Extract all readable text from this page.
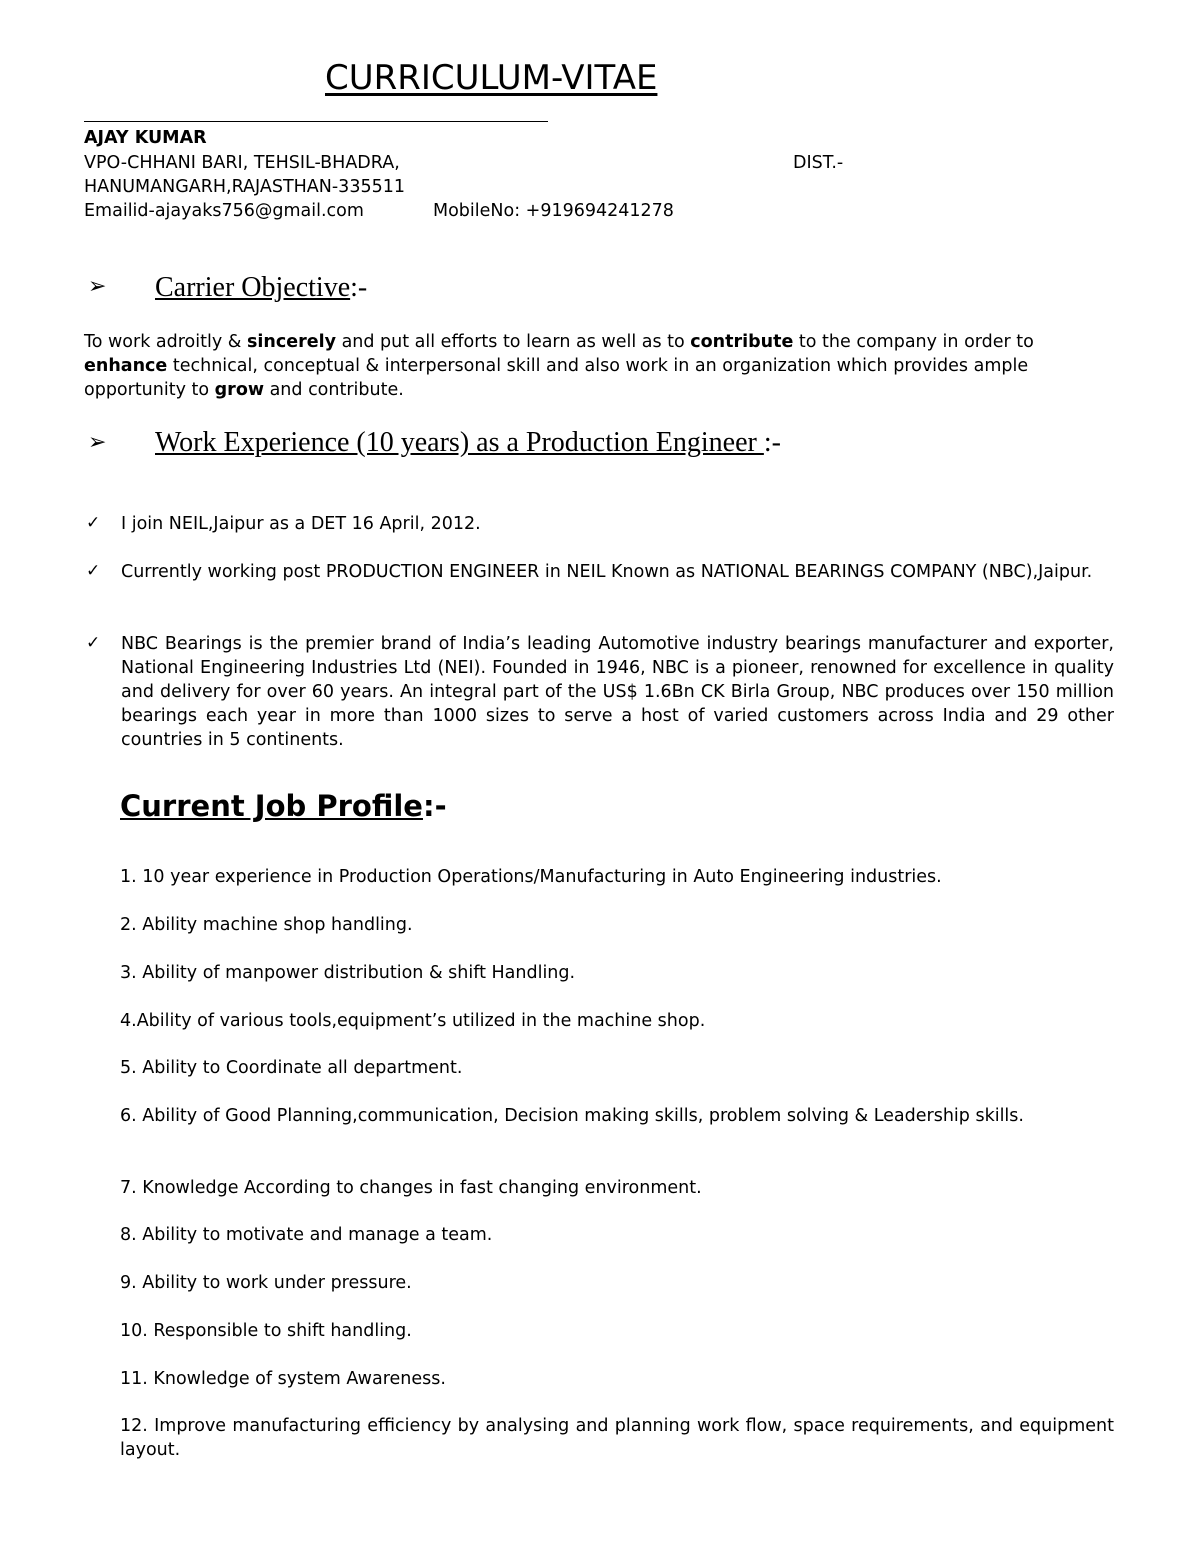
CURRICULUM-VITAE
AJAY KUMAR
VPO-CHHANI BARI, TEHSIL-BHADRA,	DIST.-
HANUMANGARH,RAJASTHAN-335511
Emailid-ajayaks756@gmail.com	MobileNo: +919694241278
➢ Carrier Objective:-
To work adroitly & sincerely and put all efforts to learn as well as to contribute to the company in order to enhance technical, conceptual & interpersonal skill and also work in an organization which provides ample opportunity to grow and contribute.
➢ Work Experience (10 years) as a Production Engineer :-
✓ I join NEIL,Jaipur as a DET 16 April, 2012.
✓ Currently working post PRODUCTION ENGINEER in NEIL Known as NATIONAL BEARINGS COMPANY (NBC),Jaipur.
✓ NBC Bearings is the premier brand of India’s leading Automotive industry bearings manufacturer and exporter, National Engineering Industries Ltd (NEI). Founded in 1946, NBC is a pioneer, renowned for excellence in quality and delivery for over 60 years. An integral part of the US$ 1.6Bn CK Birla Group, NBC produces over 150 million bearings each year in more than 1000 sizes to serve a host of varied customers across India and 29 other countries in 5 continents.
Current Job Profile:-
1. 10 year experience in Production Operations/Manufacturing in Auto Engineering industries.
2. Ability machine shop handling.
3. Ability of manpower distribution & shift Handling.
4.Ability of various tools,equipment’s utilized in the machine shop.
5. Ability to Coordinate all department.
6. Ability of Good Planning,communication, Decision making skills, problem solving & Leadership skills.
7. Knowledge According to changes in fast changing environment.
8. Ability to motivate and manage a team.
9. Ability to work under pressure.
10. Responsible to shift handling.
11. Knowledge of system Awareness.
12. Improve manufacturing efficiency by analysing and planning work flow, space requirements, and equipment layout.
